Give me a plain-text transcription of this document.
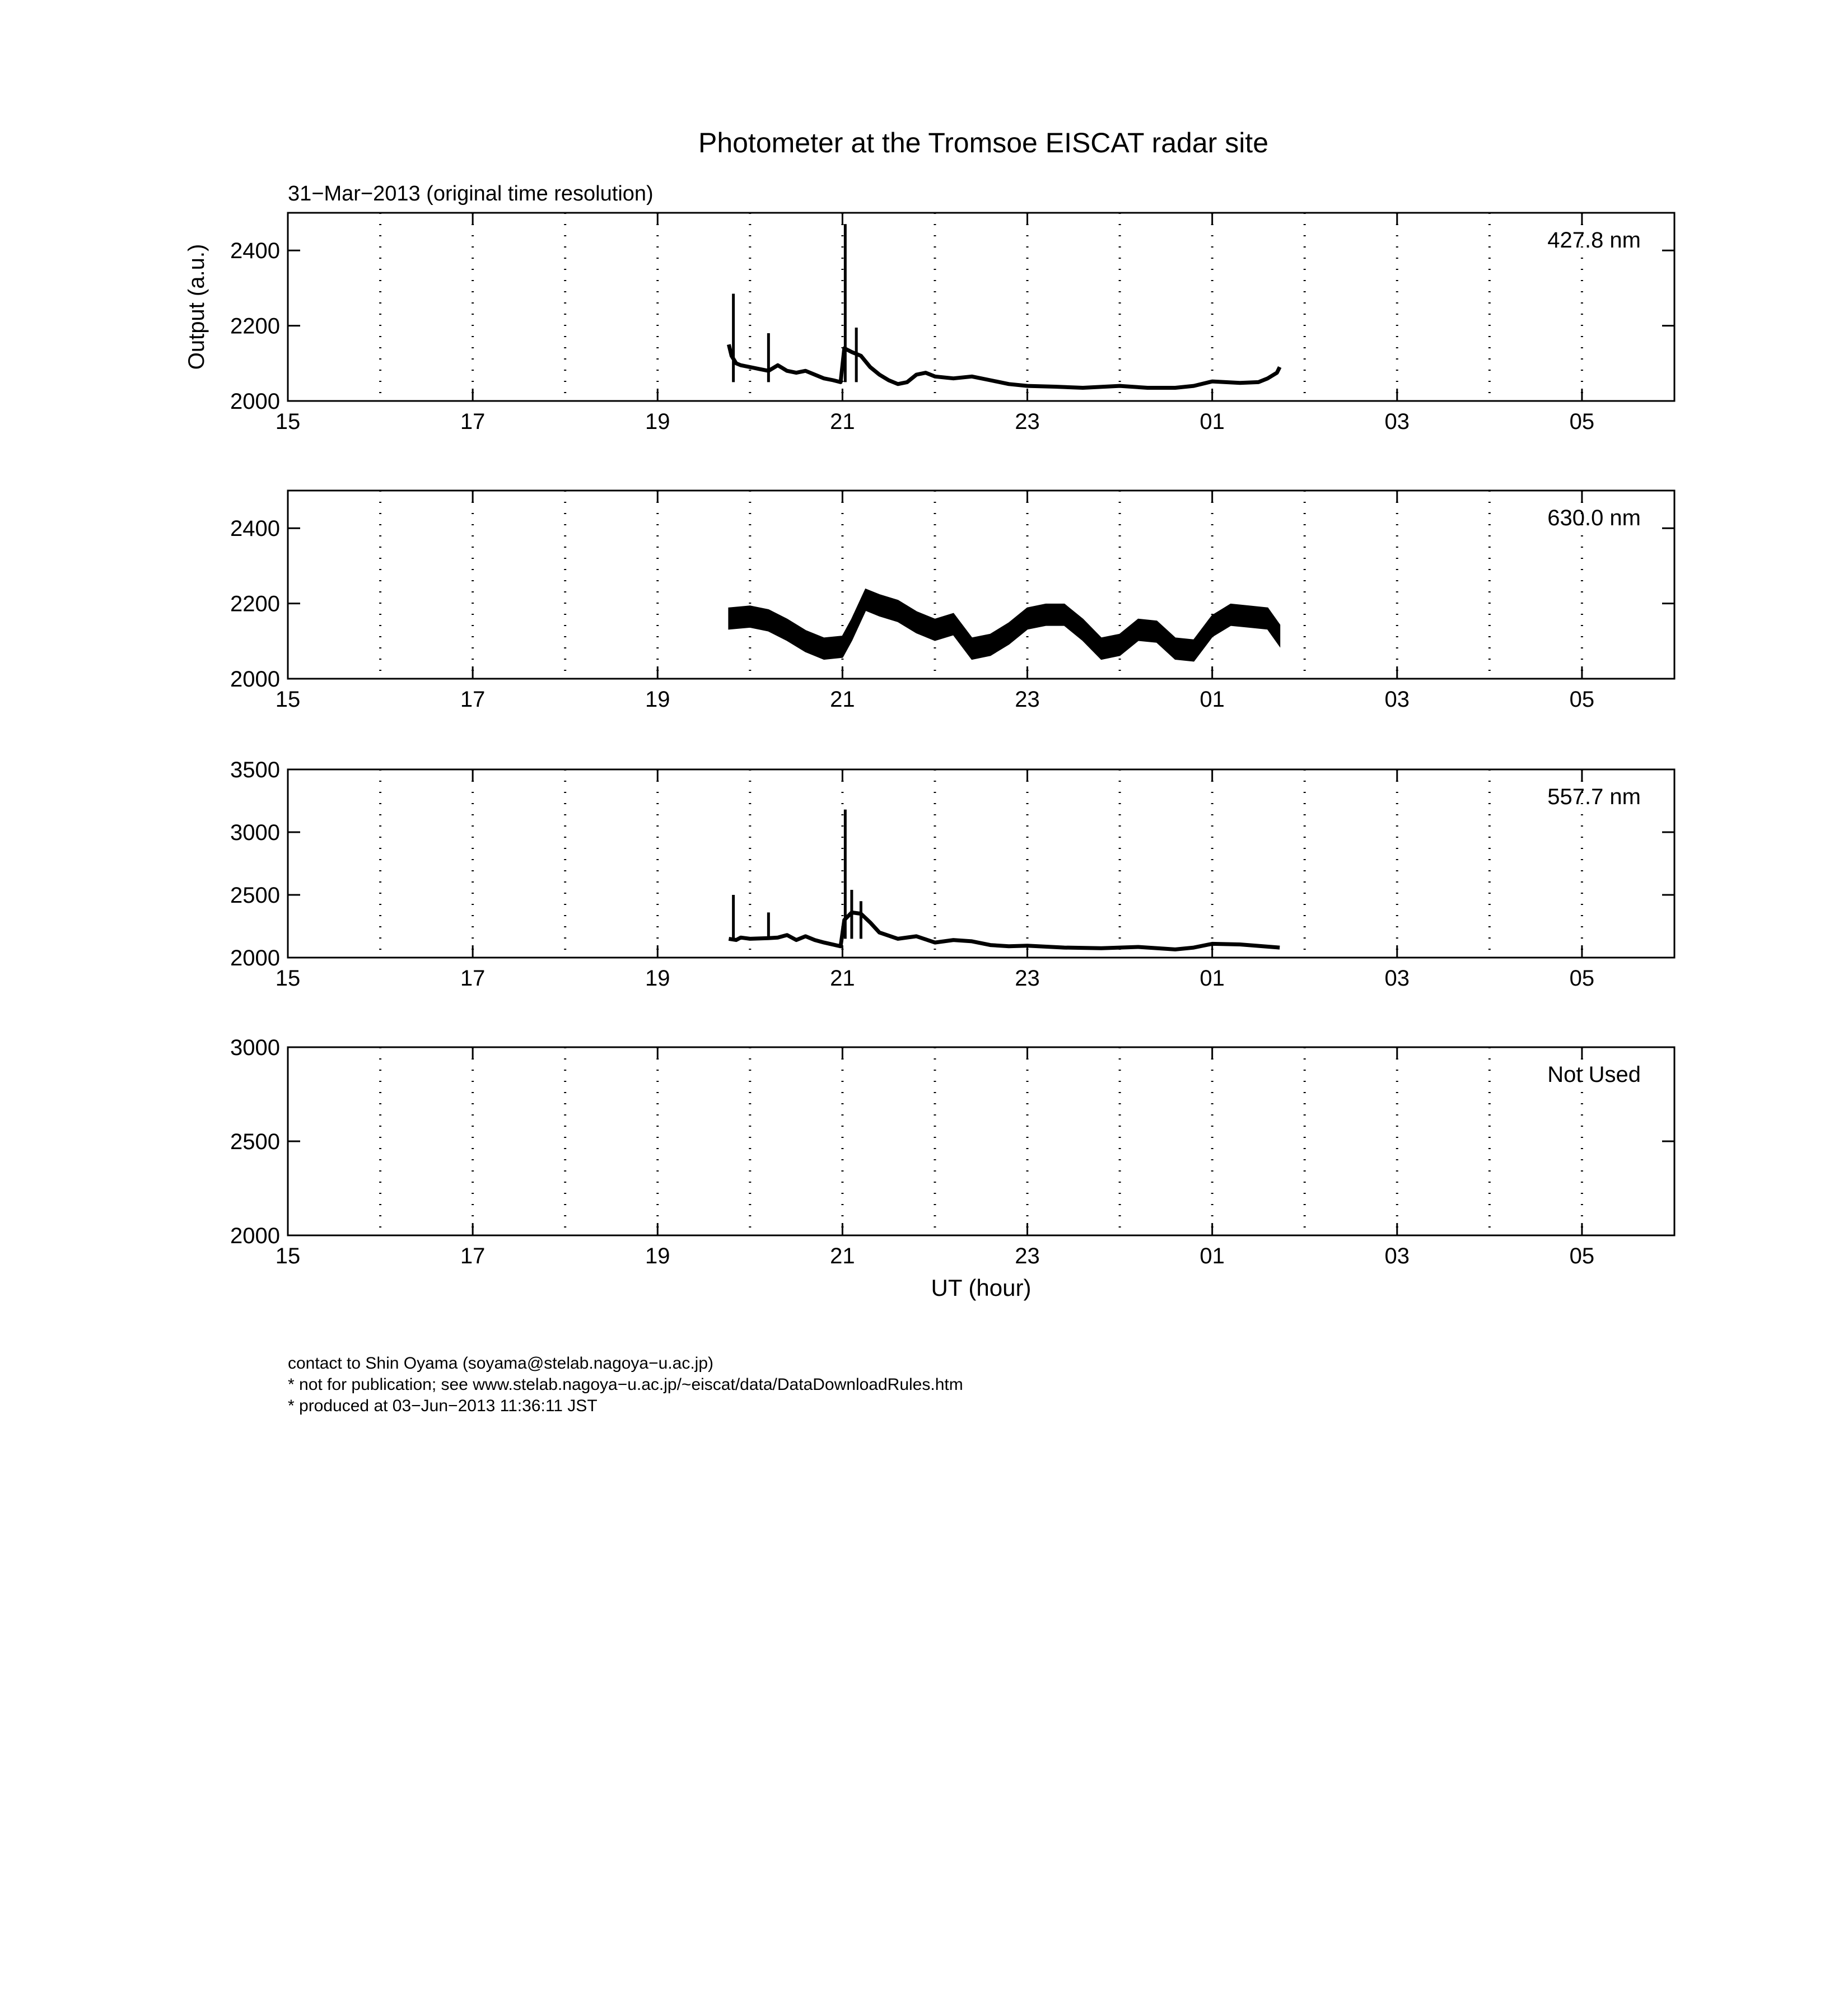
Photometer at the Tromsoe EISCAT radar site
31−Mar−2013 (original time resolution)
15	17	19	21	23	01	03	05
2000
2200
2400	427.8 nm
Output (a.u.)
15	17	19	21	23	01	03	05
2000
2200
2400	630.0 nm
15	17	19	21	23	01	03	05
2000
2500
3000
3500
557.7 nm
15	17	19	21	23	01	03	05
2000
2500
3000
Not Used
UT (hour)
contact to Shin Oyama (soyama@stelab.nagoya−u.ac.jp)
* not for publication; see www.stelab.nagoya−u.ac.jp/~eiscat/data/DataDownloadRules.htm
* produced at 03−Jun−2013 11:36:11 JST
